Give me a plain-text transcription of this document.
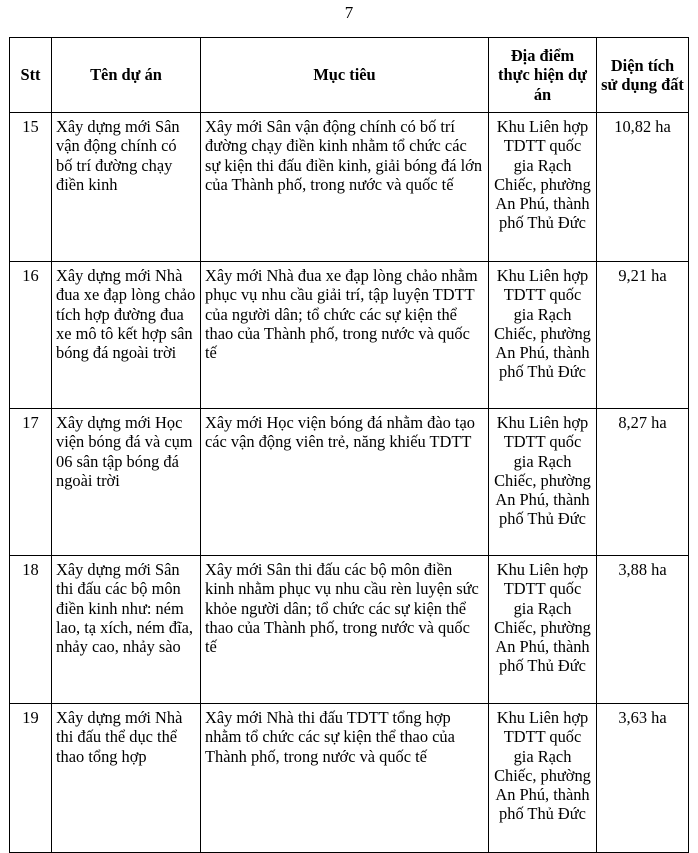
7
Stt	Tên dự án	Mục tiêu	Địa điểm thực hiện dự án	Diện tích sử dụng đất
15	Xây dựng mới Sân vận động chính có bố trí đường chạy điền kinh	Xây mới Sân vận động chính có bố trí đường chạy điền kinh nhằm tổ chức các sự kiện thi đấu điền kinh, giải bóng đá lớn của Thành phố, trong nước và quốc tế	Khu Liên hợp TDTT quốc gia Rạch Chiếc, phường An Phú, thành phố Thủ Đức	10,82 ha
16	Xây dựng mới Nhà đua xe đạp lòng chảo tích hợp đường đua xe mô tô kết hợp sân bóng đá ngoài trời	Xây mới Nhà đua xe đạp lòng chảo nhằm phục vụ nhu cầu giải trí, tập luyện TDTT của người dân; tổ chức các sự kiện thể thao của Thành phố, trong nước và quốc tế	Khu Liên hợp TDTT quốc gia Rạch Chiếc, phường An Phú, thành phố Thủ Đức	9,21 ha
17	Xây dựng mới Học viện bóng đá và cụm 06 sân tập bóng đá ngoài trời	Xây mới Học viện bóng đá nhằm đào tạo các vận động viên trẻ, năng khiếu TDTT	Khu Liên hợp TDTT quốc gia Rạch Chiếc, phường An Phú, thành phố Thủ Đức	8,27 ha
18	Xây dựng mới Sân thi đấu các bộ môn điền kinh như: ném lao, tạ xích, ném đĩa, nhảy cao, nhảy sào	Xây mới Sân thi đấu các bộ môn điền kinh nhằm phục vụ nhu cầu rèn luyện sức khỏe người dân; tổ chức các sự kiện thể thao của Thành phố, trong nước và quốc tế	Khu Liên hợp TDTT quốc gia Rạch Chiếc, phường An Phú, thành phố Thủ Đức	3,88 ha
19	Xây dựng mới Nhà thi đấu thể dục thể thao tổng hợp	Xây mới Nhà thi đấu TDTT tổng hợp nhằm tổ chức các sự kiện thể thao của Thành phố, trong nước và quốc tế	Khu Liên hợp TDTT quốc gia Rạch Chiếc, phường An Phú, thành phố Thủ Đức	3,63 ha
